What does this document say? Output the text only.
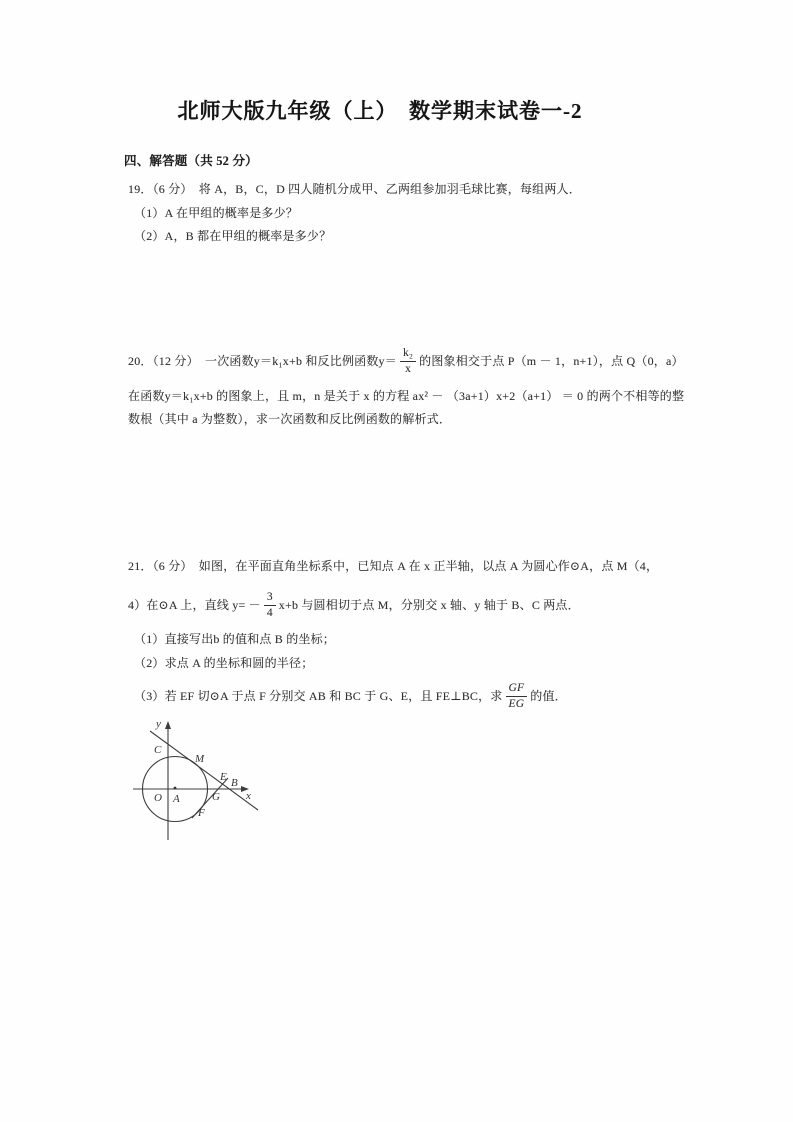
北师大版九年级（上）　数学期末试卷一-2
四、解答题（共 52 分）
19．（6 分）　将 A，B，C，D 四人随机分成甲、乙两组参加羽毛球比赛，每组两人．
（1）A 在甲组的概率是多少？
（2）A，B 都在甲组的概率是多少？
20．（12 分）　一次函数y＝k₁x+b 和反比例函数$y= \frac{\text{k₂}}{x}$ 的图象相交于点 P（m － 1，n+1），点 Q（0，a）
在函数y＝k₁x+b 的图象上，且 m，n 是关于 x 的方程 ax² － （3a+1）x+2（a+1） ＝ 0 的两个不相等的整
数根（其中 a 为整数），求一次函数和反比例函数的解析式．
21．（6 分）　如图，在平面直角坐标系中，已知点 A 在 x 正半轴，以点 A 为圆心作⊙A，点 M（4，
4）在⊙A 上，直线 $y= - \frac{3}{4} x+b$ 与圆相切于点 M，分别交 x 轴、y 轴于 B、C 两点．
（1）直接写出b 的值和点 B 的坐标；
（2）求点 A 的坐标和圆的半径；
（3）若 EF 切⊙A 于点 F 分别交 AB 和 BC 于 G、E，且 FE⊥BC，求 $\frac{GF}{EG}$ 的值．
y
x
O A
C
M
E B
G
F
